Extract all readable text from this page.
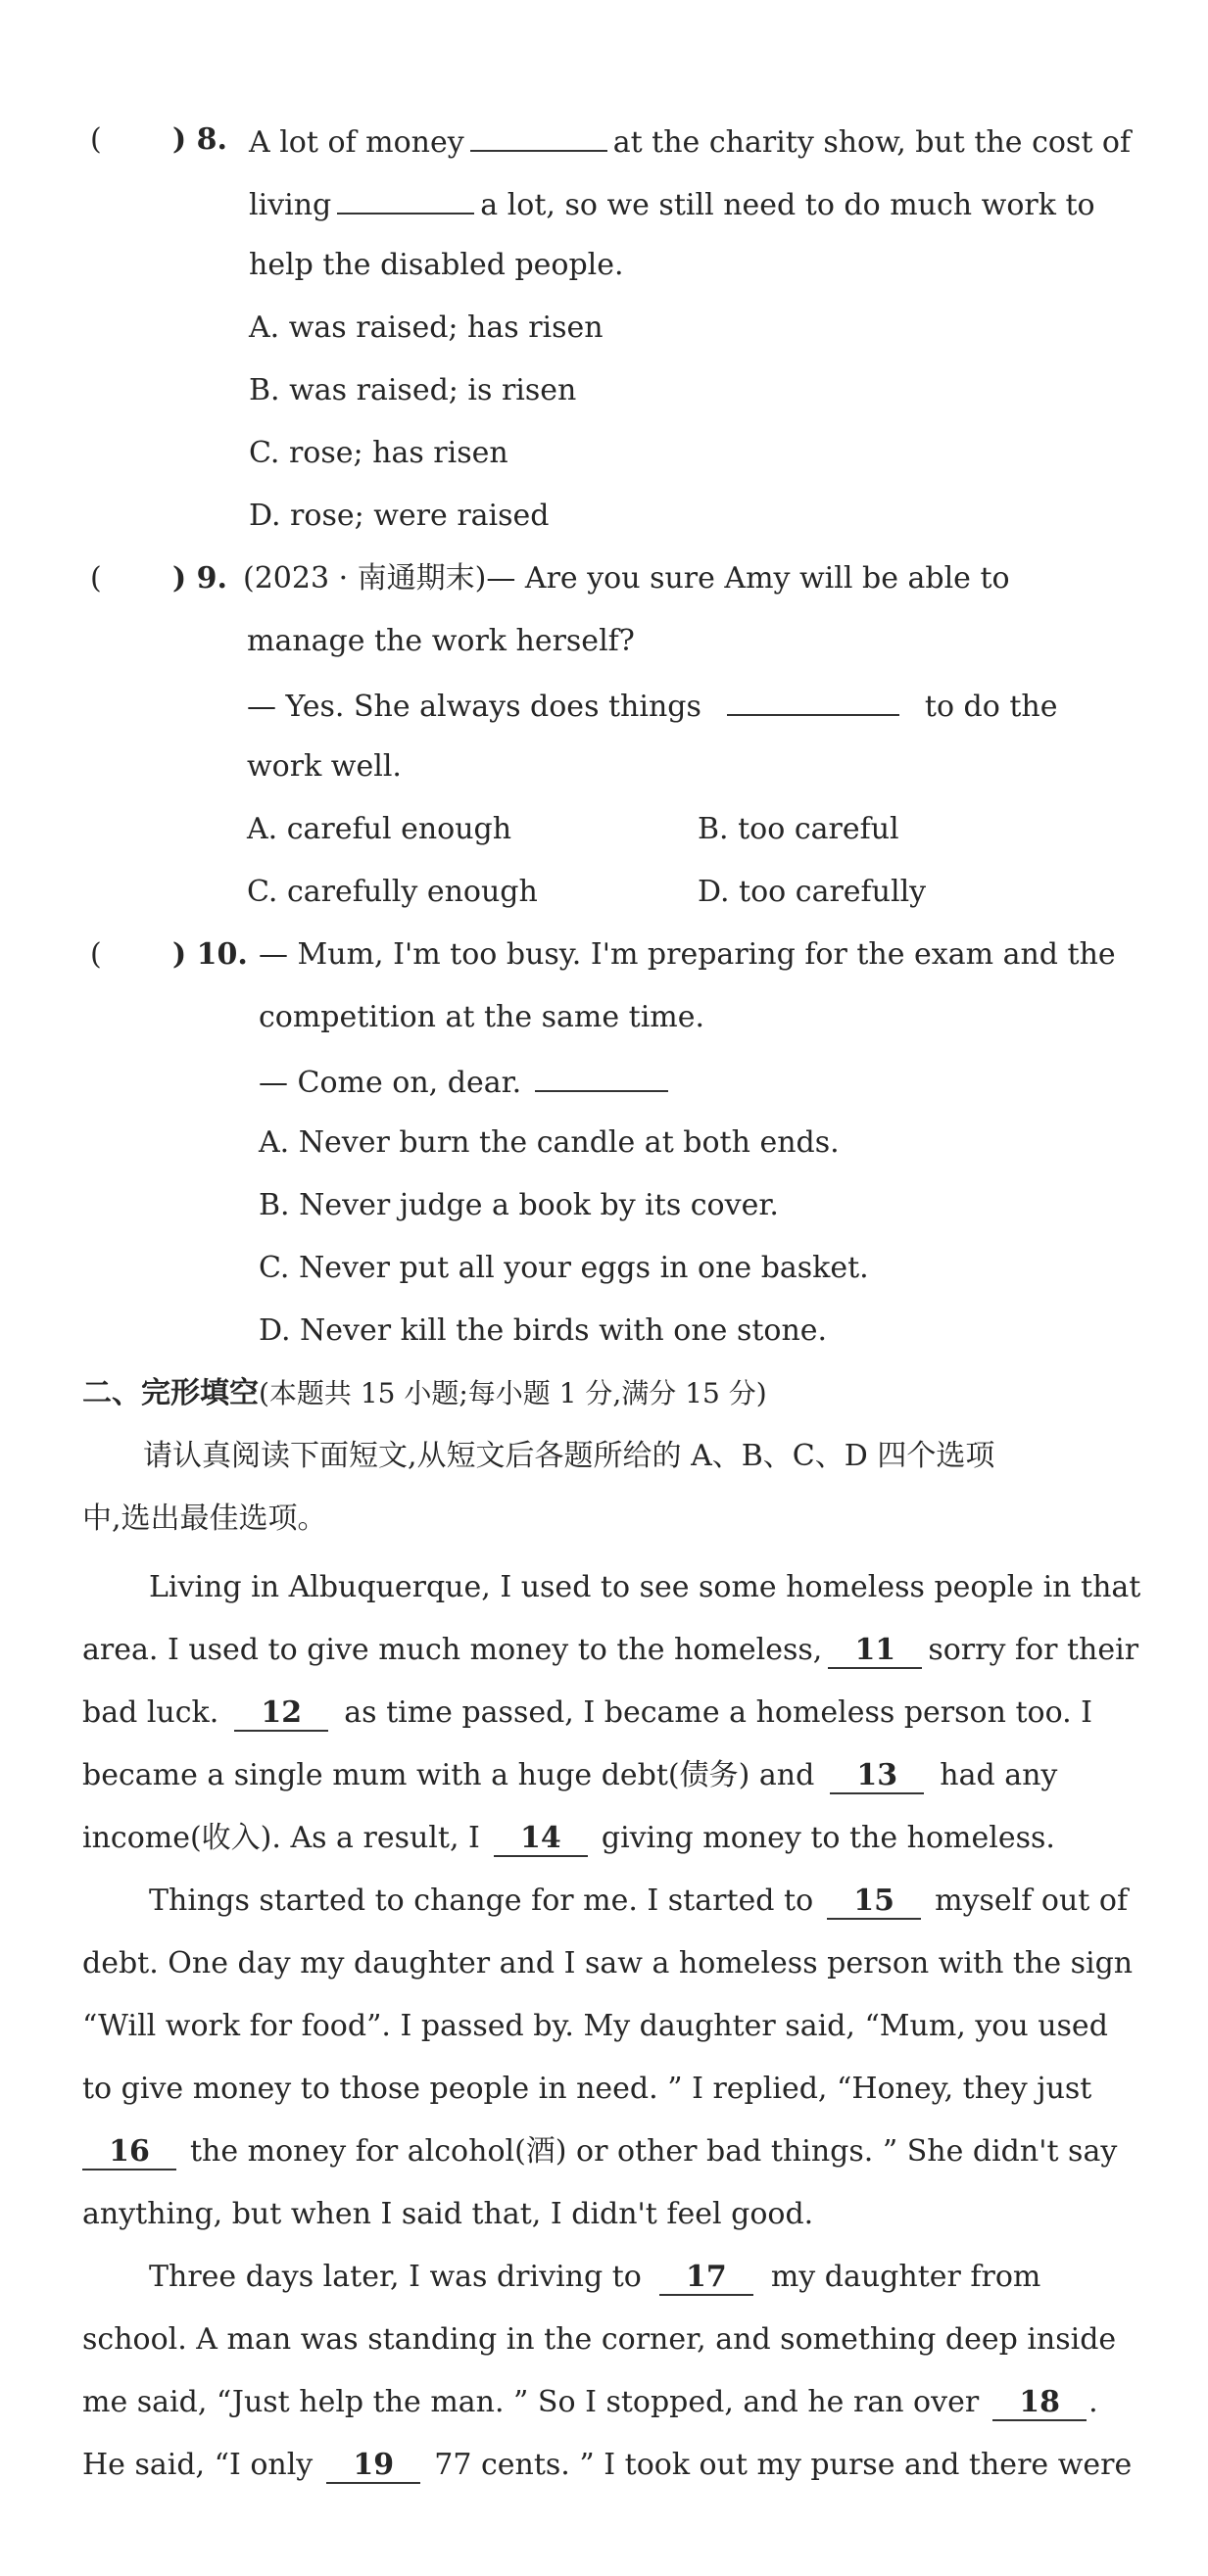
( ) 8. A lot of money	at the charity show, but the cost of
living	a lot, so we still need to do much work to
help the disabled people.
A. was raised; has risen
B. was raised; is risen
C. rose; has risen
D. rose; were raised
( ) 9. (2023 · 南通期末)— Are you sure Amy will be able to
manage the work herself?
— Yes. She always does things	to do the
work well.
A. careful enough	B. too careful
C. carefully enough	D. too carefully
( ) 10. — Mum, I'm too busy. I'm preparing for the exam and the
competition at the same time.
— Come on, dear.
A. Never burn the candle at both ends.
B. Never judge a book by its cover.
C. Never put all your eggs in one basket.
D. Never kill the birds with one stone.
二、完形填空(本题共 15 小题;每小题 1 分,满分 15 分)
请认真阅读下面短文,从短文后各题所给的 A、B、C、D 四个选项
中,选出最佳选项。
Living in Albuquerque, I used to see some homeless people in that
area. I used to give much money to the homeless, 11 sorry for their
bad luck. 12 as time passed, I became a homeless person too. I
became a single mum with a huge debt(债务) and 13 had any
income(收入). As a result, I 14 giving money to the homeless.
Things started to change for me. I started to 15 myself out of
debt. One day my daughter and I saw a homeless person with the sign
“Will work for food”. I passed by. My daughter said, “Mum, you used
to give money to those people in need. ” I replied, “Honey, they just
16 the money for alcohol(酒) or other bad things. ” She didn't say
anything, but when I said that, I didn't feel good.
Three days later, I was driving to 17 my daughter from
school. A man was standing in the corner, and something deep inside
me said, “Just help the man. ” So I stopped, and he ran over 18 .
He said, “I only 19 77 cents. ” I took out my purse and there were
